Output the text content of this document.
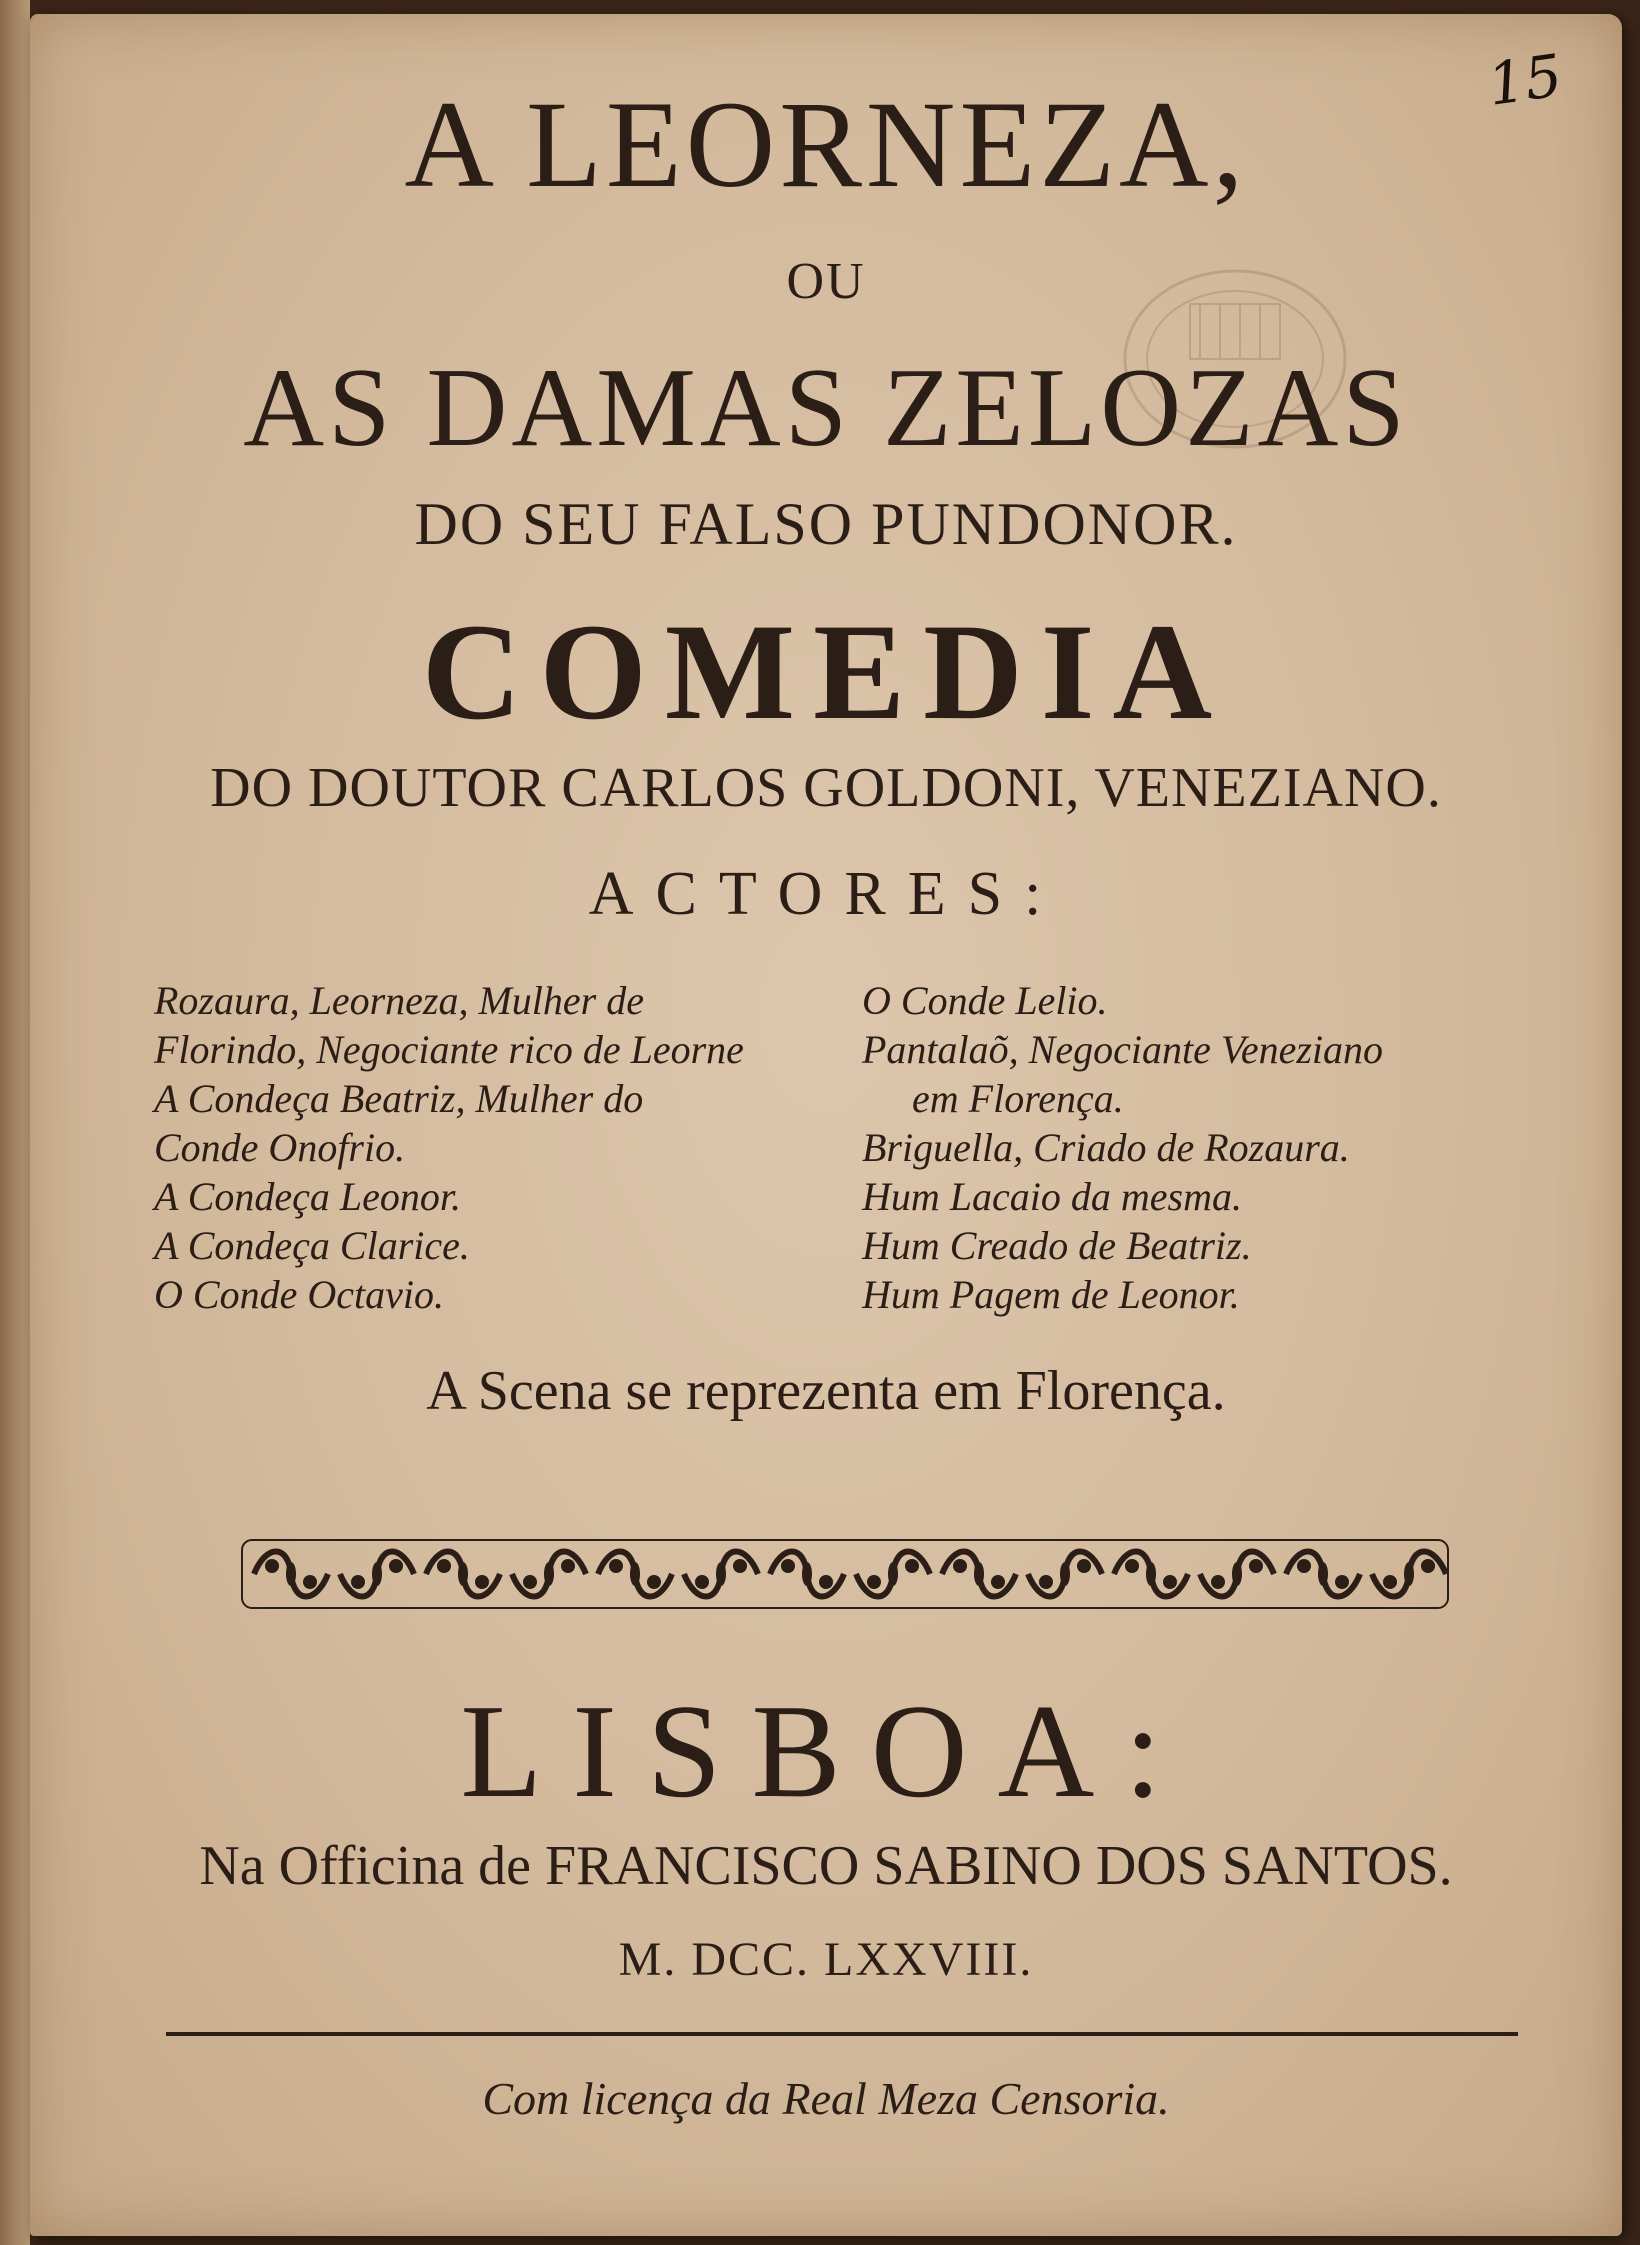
15
A LEORNEZA,
OU
AS DAMAS ZELOZAS
DO SEU FALSO PUNDONOR.
COMEDIA
DO DOUTOR CARLOS GOLDONI, VENEZIANO.
ACTORES:
Rozaura, Leorneza, Mulher de
Florindo, Negociante rico de Leorne
A Condeça Beatriz, Mulher do
Conde Onofrio.
A Condeça Leonor.
A Condeça Clarice.
O Conde Octavio.
O Conde Lelio.
Pantalaõ, Negociante Veneziano
em Florença.
Briguella, Criado de Rozaura.
Hum Lacaio da mesma.
Hum Creado de Beatriz.
Hum Pagem de Leonor.
A Scena se reprezenta em Florença.
LISBOA:
Na Officina de FRANCISCO SABINO DOS SANTOS.
M. DCC. LXXVIII.
Com licença da Real Meza Censoria.
